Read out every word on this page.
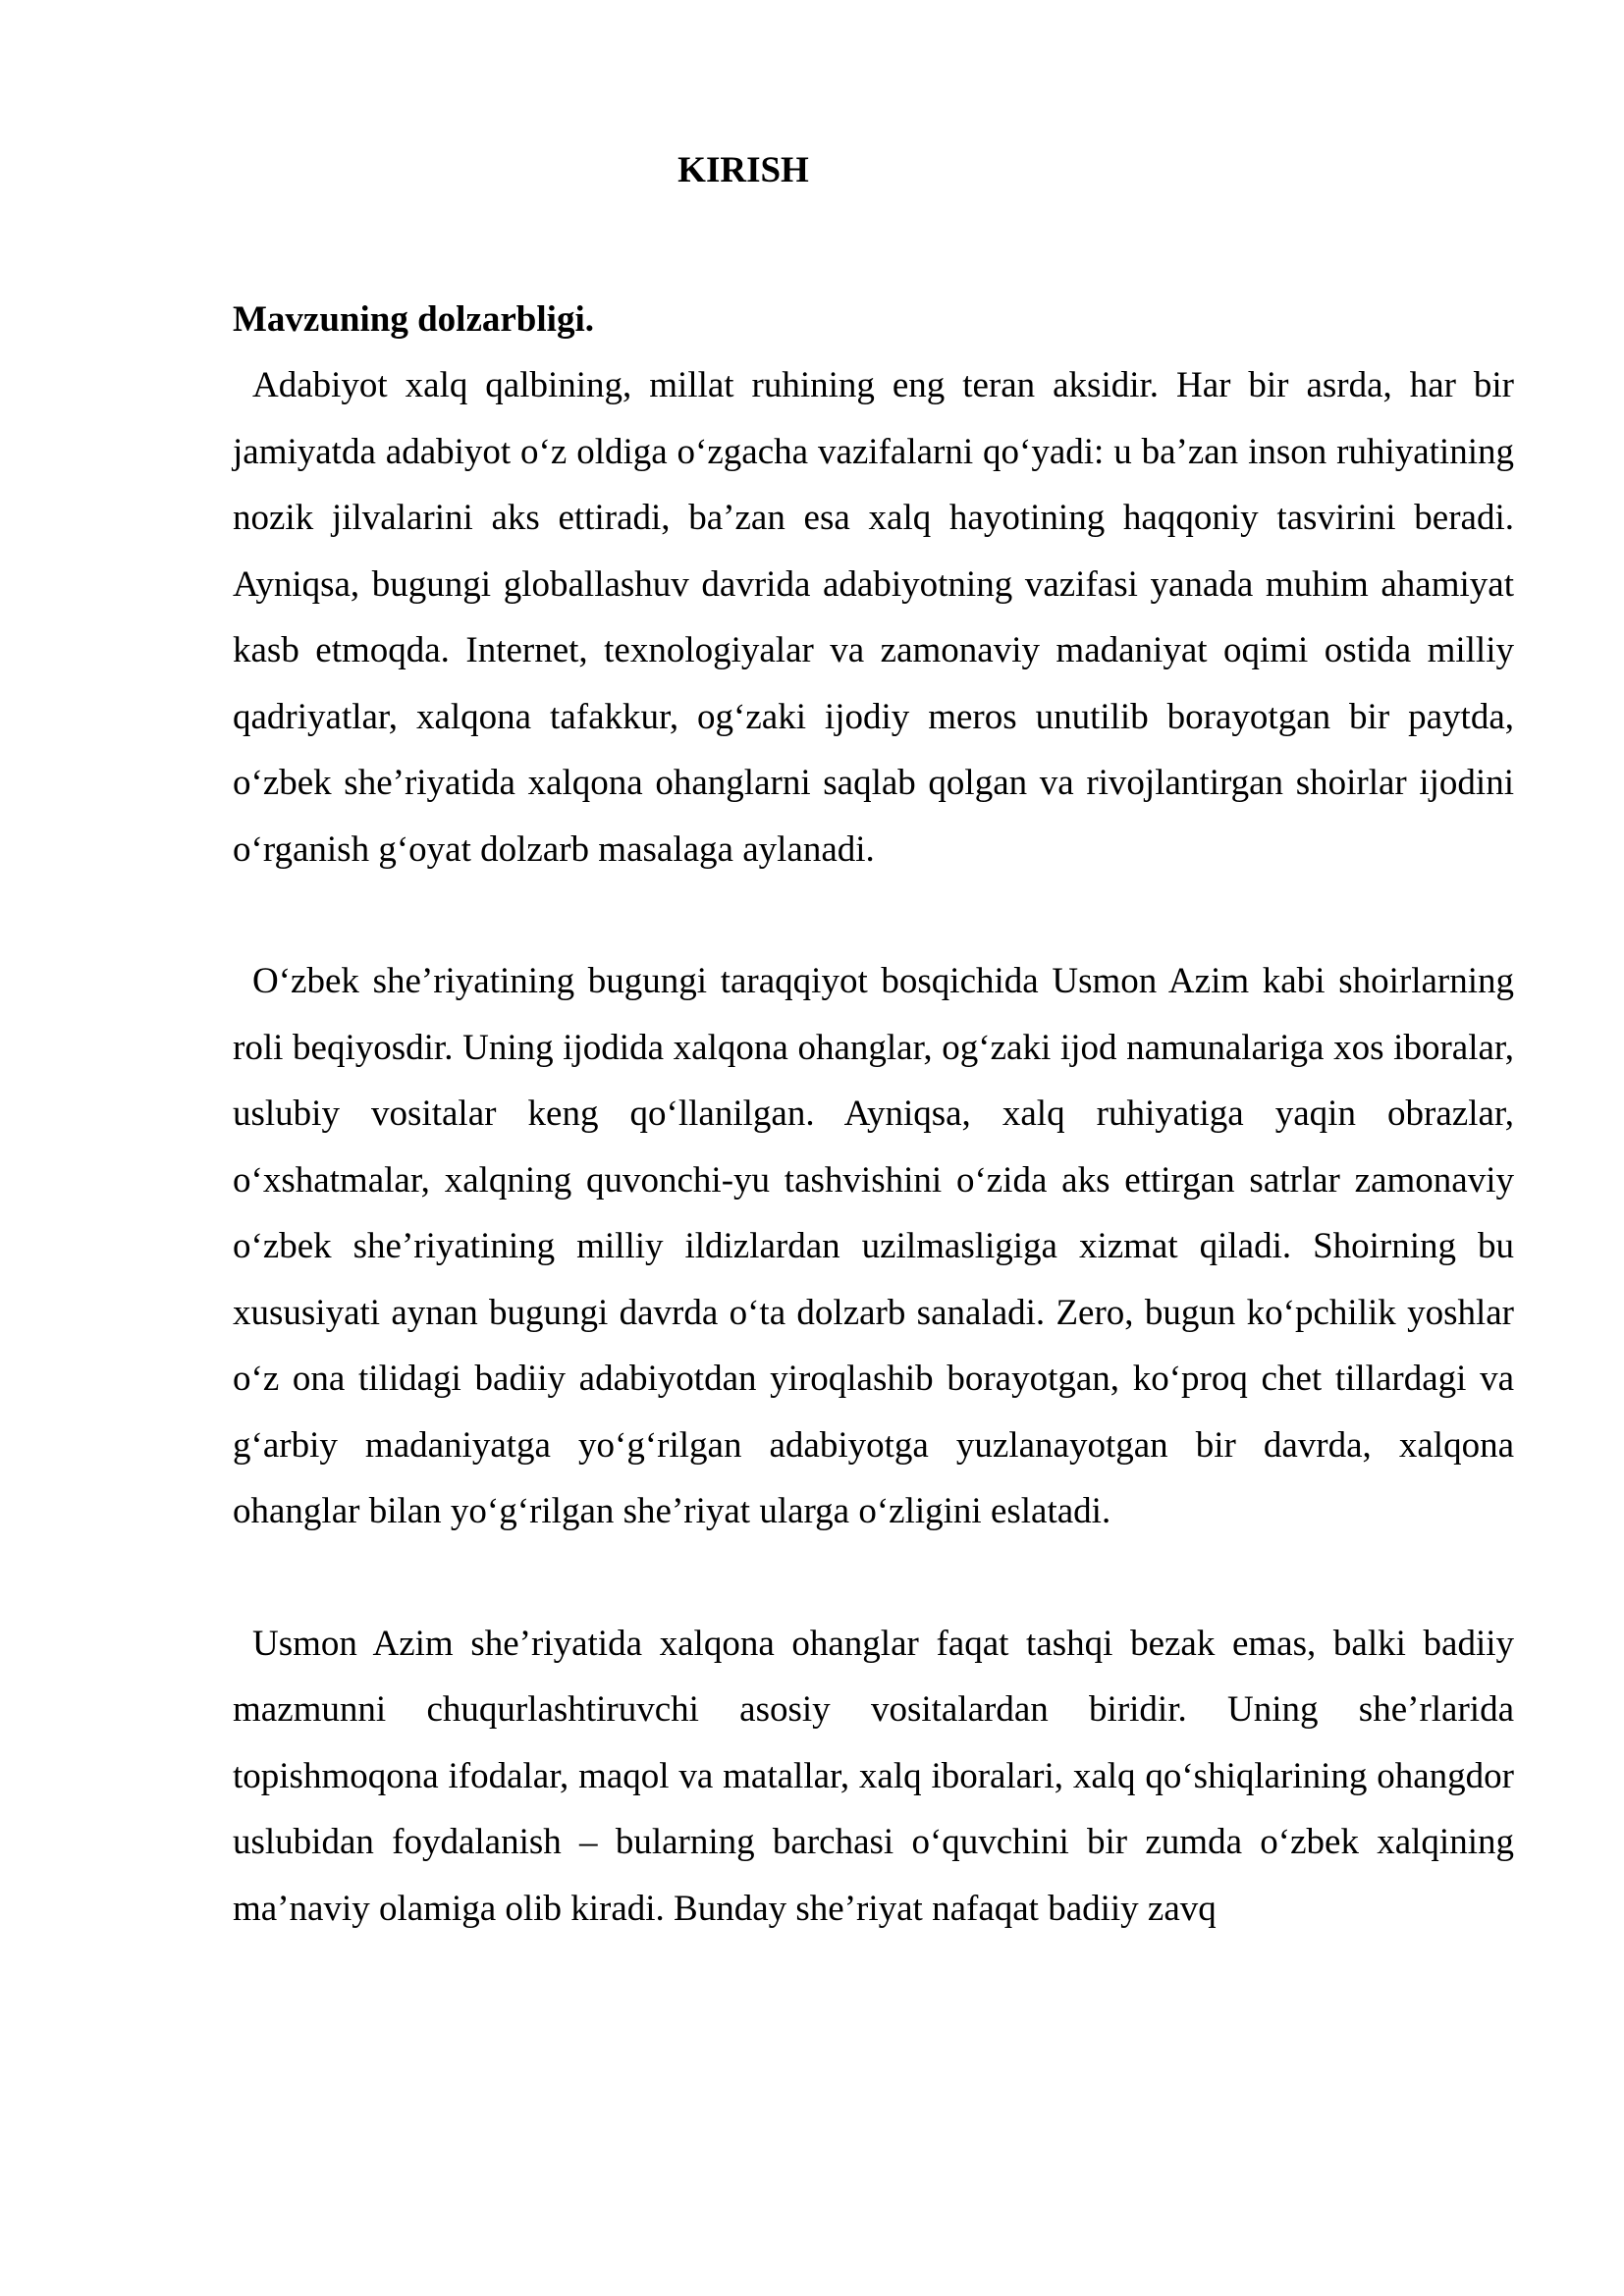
KIRISH

Mavzuning dolzarbligi.

Adabiyot xalq qalbining, millat ruhining eng teran aksidir. Har bir asrda, har bir jamiyatda adabiyot o‘z oldiga o‘zgacha vazifalarni qo‘yadi: u ba’zan inson ruhiyatining nozik jilvalarini aks ettiradi, ba’zan esa xalq hayotining haqqoniy tasvirini beradi. Ayniqsa, bugungi globallashuv davrida adabiyotning vazifasi yanada muhim ahamiyat kasb etmoqda. Internet, texnologiyalar va zamonaviy madaniyat oqimi ostida milliy qadriyatlar, xalqona tafakkur, og‘zaki ijodiy meros unutilib borayotgan bir paytda, o‘zbek she’riyatida xalqona ohanglarni saqlab qolgan va rivojlantirgan shoirlar ijodini o‘rganish g‘oyat dolzarb masalaga aylanadi.

O‘zbek she’riyatining bugungi taraqqiyot bosqichida Usmon Azim kabi shoirlarning roli beqiyosdir. Uning ijodida xalqona ohanglar, og‘zaki ijod namunalariga xos iboralar, uslubiy vositalar keng qo‘llanilgan. Ayniqsa, xalq ruhiyatiga yaqin obrazlar, o‘xshatmalar, xalqning quvonchi-yu tashvishini o‘zida aks ettirgan satrlar zamonaviy o‘zbek she’riyatining milliy ildizlardan uzilmasligiga xizmat qiladi. Shoirning bu xususiyati aynan bugungi davrda o‘ta dolzarb sanaladi. Zero, bugun ko‘pchilik yoshlar o‘z ona tilidagi badiiy adabiyotdan yiroqlashib borayotgan, ko‘proq chet tillardagi va g‘arbiy madaniyatga yo‘g‘rilgan adabiyotga yuzlanayotgan bir davrda, xalqona ohanglar bilan yo‘g‘rilgan she’riyat ularga o‘zligini eslatadi.

Usmon Azim she’riyatida xalqona ohanglar faqat tashqi bezak emas, balki badiiy mazmunni chuqurlashtiruvchi asosiy vositalardan biridir. Uning she’rlarida topishmoqona ifodalar, maqol va matallar, xalq iboralari, xalq qo‘shiqlarining ohangdor uslubidan foydalanish – bularning barchasi o‘quvchini bir zumda o‘zbek xalqining ma’naviy olamiga olib kiradi. Bunday she’riyat nafaqat badiiy zavq
